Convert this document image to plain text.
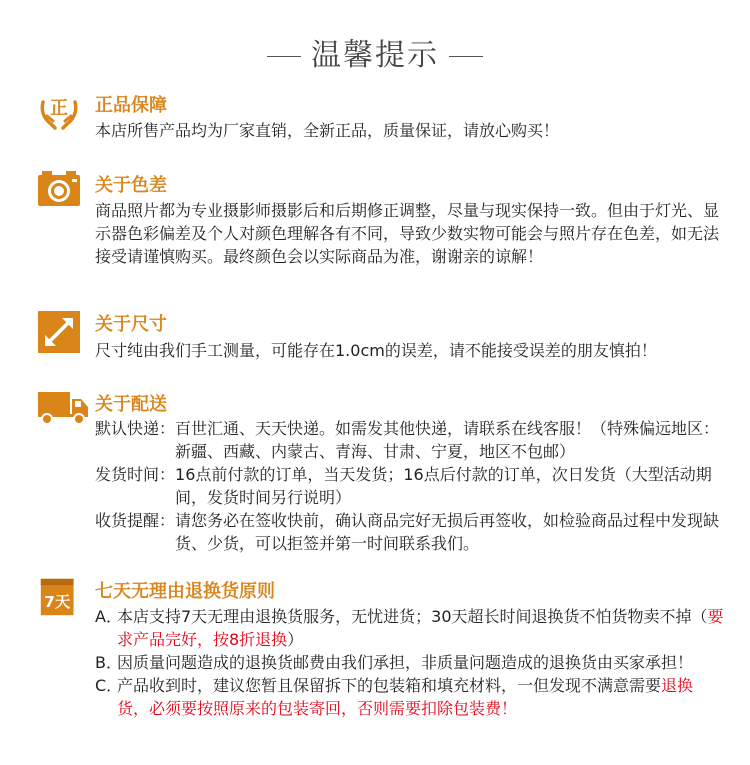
温馨提示
正 正品保障
本店所售产品均为厂家直销，全新正品，质量保证，请放心购买！
关于色差
商品照片都为专业摄影师摄影后和后期修正调整，尽量与现实保持一致。但由于灯光、显示器色彩偏差及个人对颜色理解各有不同，导致少数实物可能会与照片存在色差，如无法接受请谨慎购买。最终颜色会以实际商品为准，谢谢亲的谅解！
关于尺寸
尺寸纯由我们手工测量，可能存在1.0cm的误差，请不能接受误差的朋友慎拍！
关于配送
默认快递： 百世汇通、天天快递。如需发其他快递，请联系在线客服！（特殊偏远地区：新疆、西藏、内蒙古、青海、甘肃、宁夏，地区不包邮）
发货时间： 16点前付款的订单，当天发货；16点后付款的订单，次日发货（大型活动期间，发货时间另行说明）
收货提醒： 请您务必在签收快前，确认商品完好无损后再签收，如检验商品过程中发现缺货、少货，可以拒签并第一时间联系我们。
7天 七天无理由退换货原则
A．
本店支持7天无理由退换货服务，无忧进货；30天超长时间退换货不怕货物卖不掉（要求产品完好，按8折退换）
B．
因质量问题造成的退换货邮费由我们承担，非质量问题造成的退换货由买家承担！
C．
产品收到时，建议您暂且保留拆下的包装箱和填充材料，一但发现不满意需要退换货，必须要按照原来的包装寄回，否则需要扣除包装费！
